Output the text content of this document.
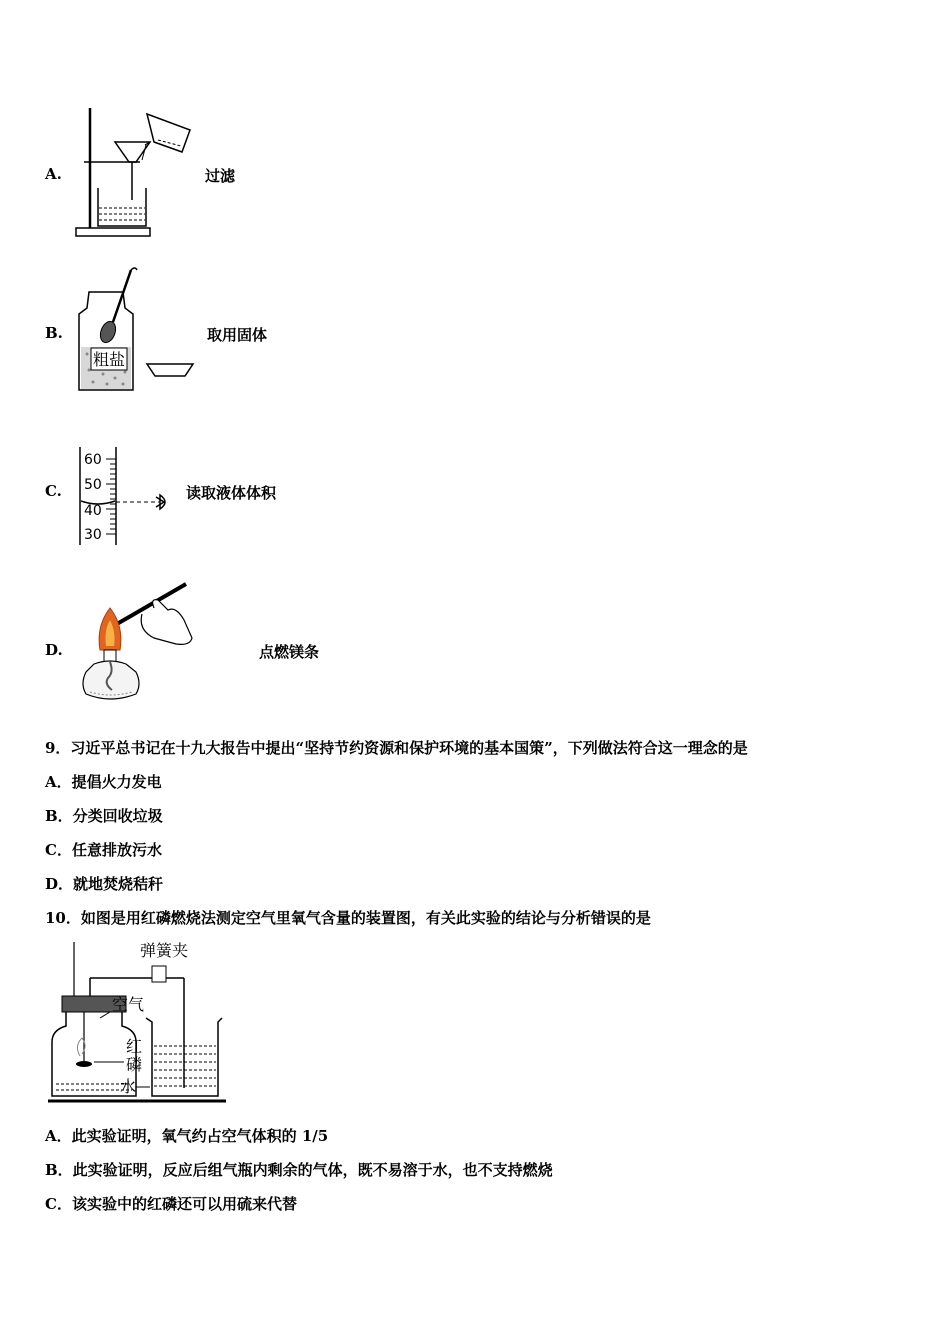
A.	过滤
B.
粗盐
取用固体
C.
60
50
40
30
读取液体体积
D.	点燃镁条
9．习近平总书记在十九大报告中提出“坚持节约资源和保护环境的基本国策”，下列做法符合这一理念的是
A．提倡火力发电
B．分类回收垃圾
C．任意排放污水
D．就地焚烧秸秆
10．如图是用红磷燃烧法测定空气里氧气含量的装置图，有关此实验的结论与分析错误的是
弹簧夹
空气
红
磷
水
A．此实验证明，氧气约占空气体积的 1/5
B．此实验证明，反应后组气瓶内剩余的气体，既不易溶于水，也不支持燃烧
C．该实验中的红磷还可以用硫来代替
